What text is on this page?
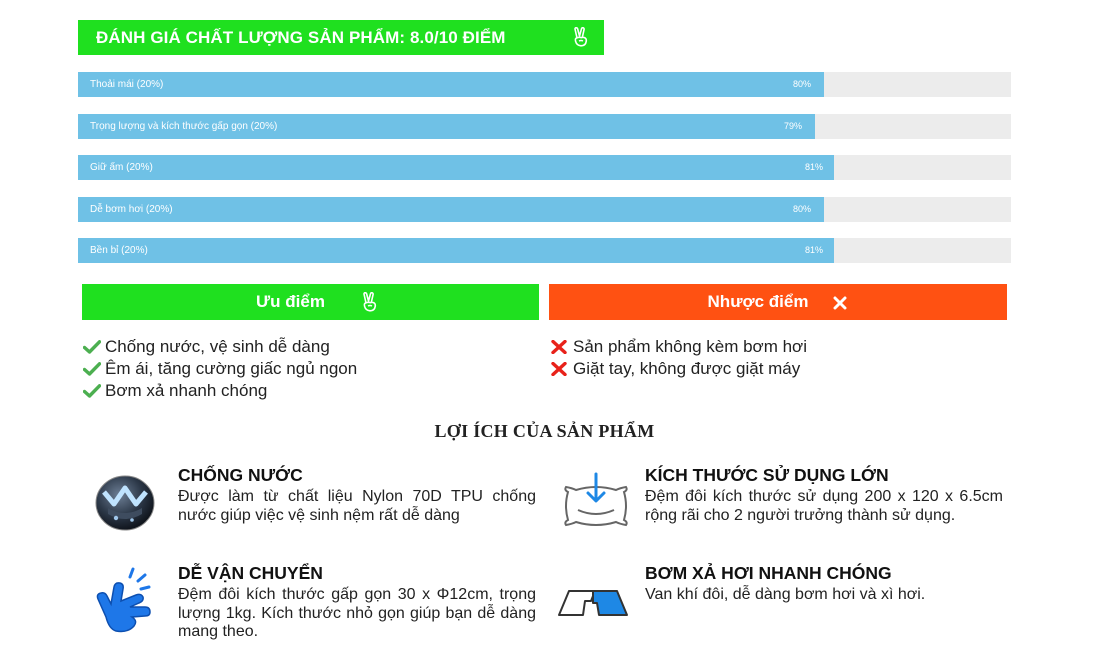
ĐÁNH GIÁ CHẤT LƯỢNG SẢN PHẨM: 8.0/10 ĐIỂM
Thoải mái (20%)	80%
Trọng lượng và kích thước gấp gọn (20%)	79%
Giữ ấm (20%)	81%
Dễ bơm hơi (20%)	80%
Bền bỉ (20%)	81%
Ưu điểm	Nhược điểm
Chống nước, vệ sinh dễ dàng
Êm ái, tăng cường giấc ngủ ngon
Bơm xả nhanh chóng
Sản phẩm không kèm bơm hơi
Giặt tay, không được giặt máy
LỢI ÍCH CỦA SẢN PHẨM
CHỐNG NƯỚC
Được làm từ chất liệu Nylon 70D TPU chống nước giúp việc vệ sinh nệm rất dễ dàng
KÍCH THƯỚC SỬ DỤNG LỚN
Đệm đôi kích thước sử dụng 200 x 120 x 6.5cm rộng rãi cho 2 người trưởng thành sử dụng.
DỄ VẬN CHUYỂN
Đệm đôi kích thước gấp gọn 30 x Φ12cm, trọng lượng 1kg. Kích thước nhỏ gọn giúp bạn dễ dàng mang theo.
BƠM XẢ HƠI NHANH CHÓNG
Van khí đôi, dễ dàng bơm hơi và xì hơi.
